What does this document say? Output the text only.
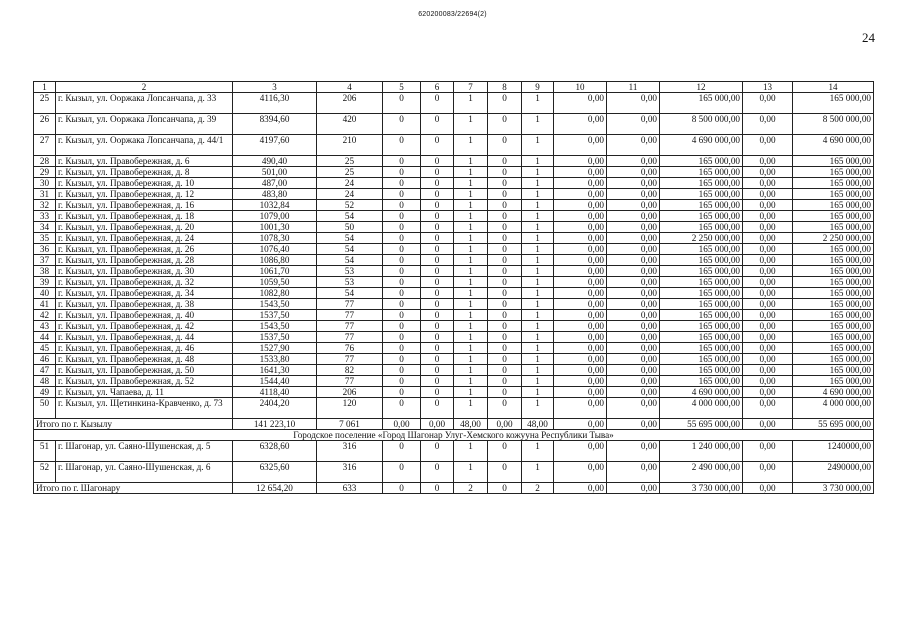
620200083/22694(2)
24
1	2	3	4	5	6	7	8	9	10	11	12	13	14
25	г. Кызыл, ул. Ооржака Лопсанчапа, д. 33	4116,30	206	0	0	1	0	1	0,00	0,00	165 000,00	0,00	165 000,00
26	г. Кызыл, ул. Ооржака Лопсанчапа, д. 39	8394,60	420	0	0	1	0	1	0,00	0,00	8 500 000,00	0,00	8 500 000,00
27	г. Кызыл, ул. Ооржака Лопсанчапа, д. 44/1	4197,60	210	0	0	1	0	1	0,00	0,00	4 690 000,00	0,00	4 690 000,00
28	г. Кызыл, ул. Правобережная, д. 6	490,40	25	0	0	1	0	1	0,00	0,00	165 000,00	0,00	165 000,00
29	г. Кызыл, ул. Правобережная, д. 8	501,00	25	0	0	1	0	1	0,00	0,00	165 000,00	0,00	165 000,00
30	г. Кызыл, ул. Правобережная, д. 10	487,00	24	0	0	1	0	1	0,00	0,00	165 000,00	0,00	165 000,00
31	г. Кызыл, ул. Правобережная, д. 12	483,80	24	0	0	1	0	1	0,00	0,00	165 000,00	0,00	165 000,00
32	г. Кызыл, ул. Правобережная, д. 16	1032,84	52	0	0	1	0	1	0,00	0,00	165 000,00	0,00	165 000,00
33	г. Кызыл, ул. Правобережная, д. 18	1079,00	54	0	0	1	0	1	0,00	0,00	165 000,00	0,00	165 000,00
34	г. Кызыл, ул. Правобережная, д. 20	1001,30	50	0	0	1	0	1	0,00	0,00	165 000,00	0,00	165 000,00
35	г. Кызыл, ул. Правобережная, д. 24	1078,30	54	0	0	1	0	1	0,00	0,00	2 250 000,00	0,00	2 250 000,00
36	г. Кызыл, ул. Правобережная, д. 26	1076,40	54	0	0	1	0	1	0,00	0,00	165 000,00	0,00	165 000,00
37	г. Кызыл, ул. Правобережная, д. 28	1086,80	54	0	0	1	0	1	0,00	0,00	165 000,00	0,00	165 000,00
38	г. Кызыл, ул. Правобережная, д. 30	1061,70	53	0	0	1	0	1	0,00	0,00	165 000,00	0,00	165 000,00
39	г. Кызыл, ул. Правобережная, д. 32	1059,50	53	0	0	1	0	1	0,00	0,00	165 000,00	0,00	165 000,00
40	г. Кызыл, ул. Правобережная, д. 34	1082,80	54	0	0	1	0	1	0,00	0,00	165 000,00	0,00	165 000,00
41	г. Кызыл, ул. Правобережная, д. 38	1543,50	77	0	0	1	0	1	0,00	0,00	165 000,00	0,00	165 000,00
42	г. Кызыл, ул. Правобережная, д. 40	1537,50	77	0	0	1	0	1	0,00	0,00	165 000,00	0,00	165 000,00
43	г. Кызыл, ул. Правобережная, д. 42	1543,50	77	0	0	1	0	1	0,00	0,00	165 000,00	0,00	165 000,00
44	г. Кызыл, ул. Правобережная, д. 44	1537,50	77	0	0	1	0	1	0,00	0,00	165 000,00	0,00	165 000,00
45	г. Кызыл, ул. Правобережная, д. 46	1527,90	76	0	0	1	0	1	0,00	0,00	165 000,00	0,00	165 000,00
46	г. Кызыл, ул. Правобережная, д. 48	1533,80	77	0	0	1	0	1	0,00	0,00	165 000,00	0,00	165 000,00
47	г. Кызыл, ул. Правобережная, д. 50	1641,30	82	0	0	1	0	1	0,00	0,00	165 000,00	0,00	165 000,00
48	г. Кызыл, ул. Правобережная, д. 52	1544,40	77	0	0	1	0	1	0,00	0,00	165 000,00	0,00	165 000,00
49	г. Кызыл, ул. Чапаева, д. 11	4118,40	206	0	0	1	0	1	0,00	0,00	4 690 000,00	0,00	4 690 000,00
50	г. Кызыл, ул. Щетинкина-Кравченко, д. 73	2404,20	120	0	0	1	0	1	0,00	0,00	4 000 000,00	0,00	4 000 000,00
Итого по г. Кызылу		141 223,10	7 061	0,00	0,00	48,00	0,00	48,00	0,00	0,00	55 695 000,00	0,00	55 695 000,00
Городское поселение «Город Шагонар Улуг-Хемского кожууна Республики Тыва»													
51	г. Шагонар, ул. Саяно-Шушенская, д. 5	6328,60	316	0	0	1	0	1	0,00	0,00	1 240 000,00	0,00	1240000,00
52	г. Шагонар, ул. Саяно-Шушенская, д. 6	6325,60	316	0	0	1	0	1	0,00	0,00	2 490 000,00	0,00	2490000,00
Итого по г. Шагонару		12 654,20	633	0	0	2	0	2	0,00	0,00	3 730 000,00	0,00	3 730 000,00
